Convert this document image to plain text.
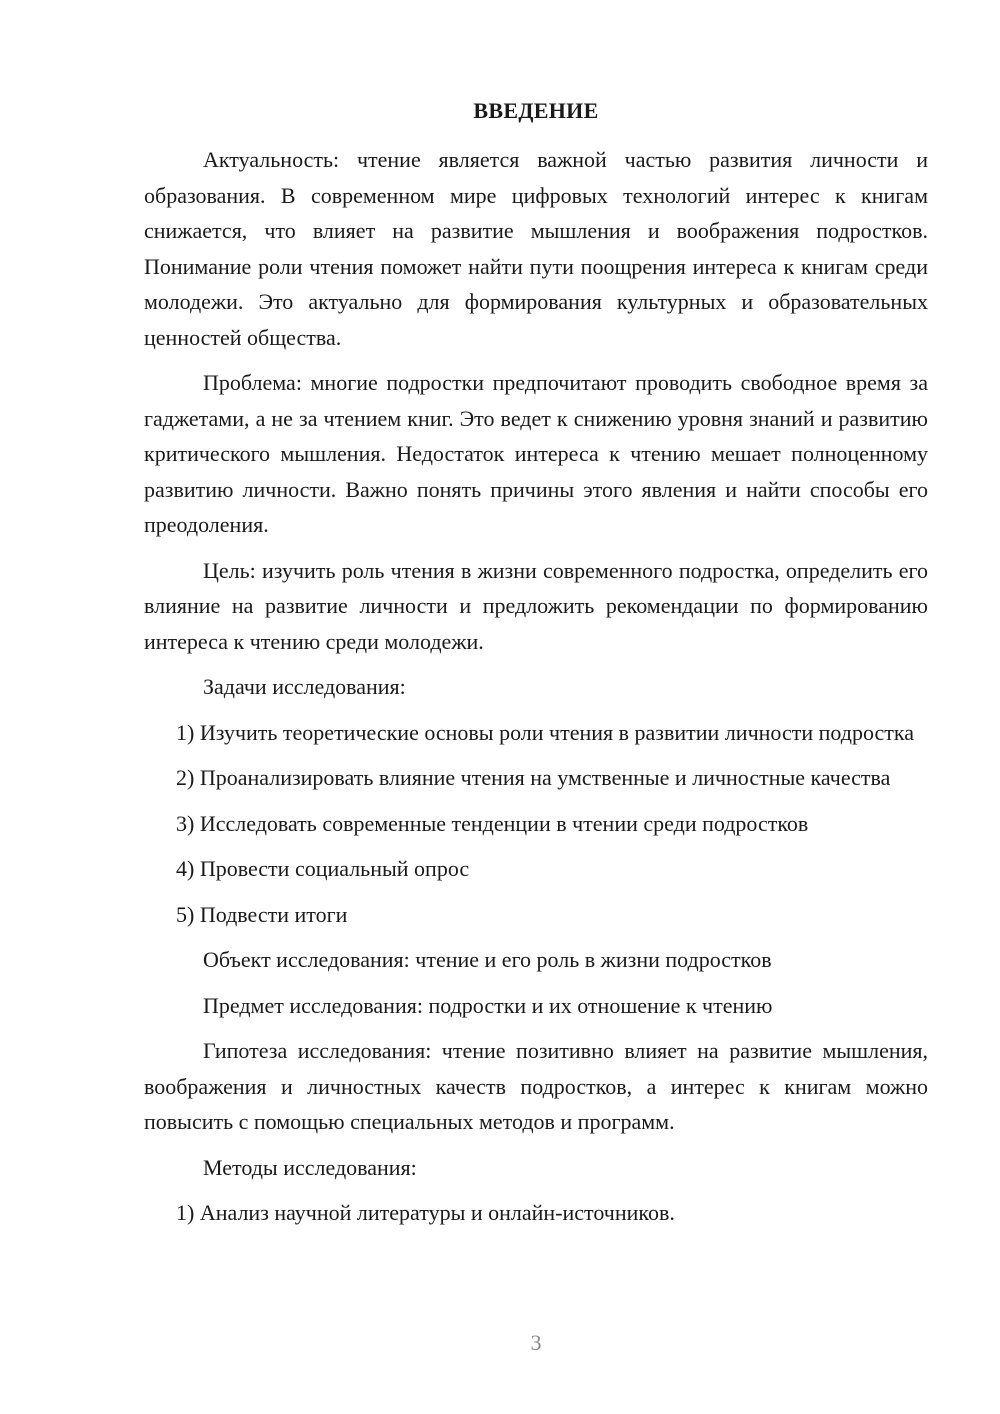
ВВЕДЕНИЕ

Актуальность: чтение является важной частью развития личности и образования. В современном мире цифровых технологий интерес к книгам снижается, что влияет на развитие мышления и воображения подростков. Понимание роли чтения поможет найти пути поощрения интереса к книгам среди молодежи. Это актуально для формирования культурных и образовательных ценностей общества.

Проблема: многие подростки предпочитают проводить свободное время за гаджетами, а не за чтением книг. Это ведет к снижению уровня знаний и развитию критического мышления. Недостаток интереса к чтению мешает полноценному развитию личности. Важно понять причины этого явления и найти способы его преодоления.

Цель: изучить роль чтения в жизни современного подростка, определить его влияние на развитие личности и предложить рекомендации по формированию интереса к чтению среди молодежи.

Задачи исследования:

1) Изучить теоретические основы роли чтения в развитии личности подростка

2) Проанализировать влияние чтения на умственные и личностные качества

3) Исследовать современные тенденции в чтении среди подростков

4) Провести социальный опрос

5) Подвести итоги

Объект исследования: чтение и его роль в жизни подростков

Предмет исследования: подростки и их отношение к чтению

Гипотеза исследования: чтение позитивно влияет на развитие мышления, воображения и личностных качеств подростков, а интерес к книгам можно повысить с помощью специальных методов и программ.

Методы исследования:

1) Анализ научной литературы и онлайн-источников.

3
